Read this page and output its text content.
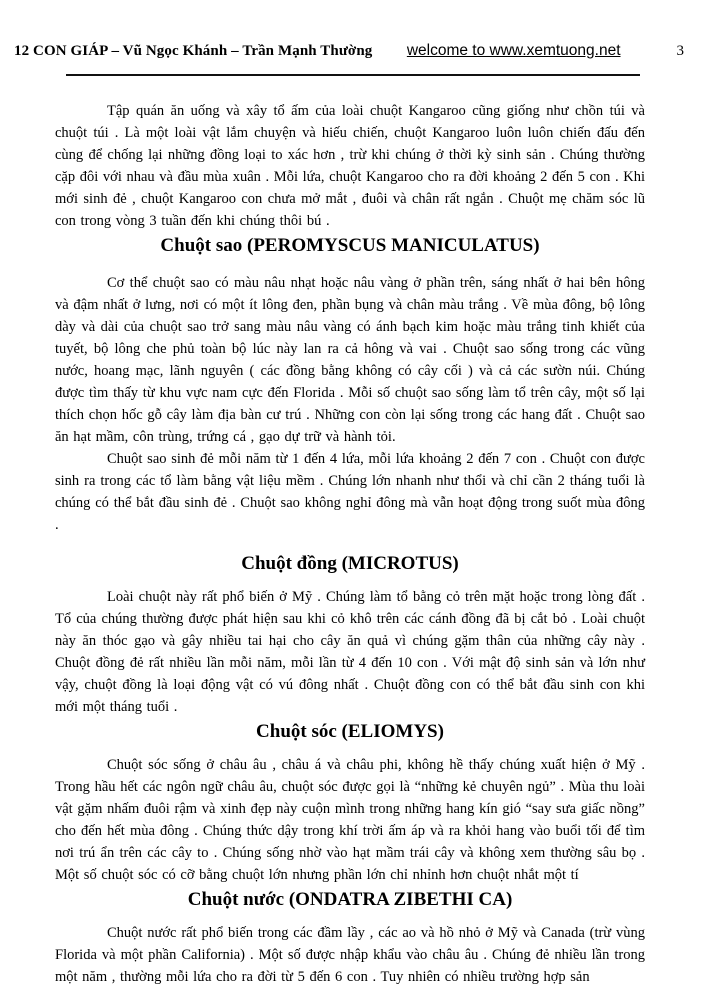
12 CON GIÁP – Vũ Ngọc Khánh – Trần Mạnh Thường welcome to www.xemtuong.net	3

Tập quán ăn uống và xây tổ ấm của loài chuột Kangaroo cũng giống như chồn túi và chuột túi . Là một loài vật lắm chuyện và hiếu chiến, chuột Kangaroo luôn luôn chiến đấu đến cùng để chống lại những đồng loại to xác hơn , trừ khi chúng ở thời kỳ sinh sản . Chúng thường cặp đôi với nhau và đầu mùa xuân . Mỗi lứa, chuột Kangaroo cho ra đời khoảng 2 đến 5 con . Khi mới sinh đẻ , chuột Kangaroo con chưa mở mắt , đuôi và chân rất ngắn . Chuột mẹ chăm sóc lũ con trong vòng 3 tuần đến khi chúng thôi bú .

Chuột sao (PEROMYSCUS MANICULATUS)

Cơ thể chuột sao có màu nâu nhạt hoặc nâu vàng ở phần trên, sáng nhất ở hai bên hông và đậm nhất ở lưng, nơi có một ít lông đen, phần bụng và chân màu trắng . Về mùa đông, bộ lông dày và dài của chuột sao trở sang màu nâu vàng có ánh bạch kim hoặc màu trắng tinh khiết của tuyết, bộ lông che phủ toàn bộ lúc này lan ra cả hông và vai . Chuột sao sống trong các vũng nước, hoang mạc, lãnh nguyên ( các đồng bằng không có cây cối ) và cả các sườn núi. Chúng được tìm thấy từ khu vực nam cực đến Florida . Mỗi số chuột sao sống làm tổ trên cây, một số lại thích chọn hốc gỗ cây làm địa bàn cư trú . Những con còn lại sống trong các hang đất . Chuột sao ăn hạt mầm, côn trùng, trứng cá , gạo dự trữ và hành tỏi.

Chuột sao sinh đẻ mỗi năm từ 1 đến 4 lứa, mỗi lứa khoảng 2 đến 7 con . Chuột con được sinh ra trong các tổ làm bằng vật liệu mềm . Chúng lớn nhanh như thổi và chỉ cần 2 tháng tuổi là chúng có thể bắt đầu sinh đẻ . Chuột sao không nghỉ đông mà vẫn hoạt động trong suốt mùa đông .

Chuột đồng (MICROTUS)

Loài chuột này rất phổ biến ở Mỹ . Chúng làm tổ bằng cỏ trên mặt hoặc trong lòng đất . Tổ của chúng thường được phát hiện sau khi cỏ khô trên các cánh đồng đã bị cắt bỏ . Loài chuột này ăn thóc gạo và gây nhiều tai hại cho cây ăn quả vì chúng gặm thân của những cây này . Chuột đồng đẻ rất nhiều lần mỗi năm, mỗi lần từ 4 đến 10 con . Với mật độ sinh sản và lớn như vậy, chuột đồng là loại động vật có vú đông nhất . Chuột đồng con có thể bắt đầu sinh con khi mới một tháng tuổi .

Chuột sóc (ELIOMYS)

Chuột sóc sống ở châu âu , châu á và châu phi, không hề thấy chúng xuất hiện ở Mỹ . Trong hầu hết các ngôn ngữ châu âu, chuột sóc được gọi là “những kẻ chuyên ngủ” . Mùa thu loài vật gặm nhấm đuôi rậm và xinh đẹp này cuộn mình trong những hang kín gió “say sưa giấc nồng” cho đến hết mùa đông . Chúng thức dậy trong khí trời ấm áp và ra khỏi hang vào buổi tối để tìm nơi trú ẩn trên các cây to . Chúng sống nhờ vào hạt mầm trái cây và không xem thường sâu bọ . Một số chuột sóc có cỡ bằng chuột lớn nhưng phần lớn chỉ nhỉnh hơn chuột nhắt một tí

Chuột nước (ONDATRA ZIBETHI CA)

Chuột nước rất phổ biến trong các đầm lầy , các ao và hồ nhỏ ở Mỹ và Canada (trừ vùng Florida và một phần California) . Một số được nhập khẩu vào châu âu . Chúng đẻ nhiều lần trong một năm , thường mỗi lứa cho ra đời từ 5 đến 6 con . Tuy nhiên có nhiều trường hợp sản
